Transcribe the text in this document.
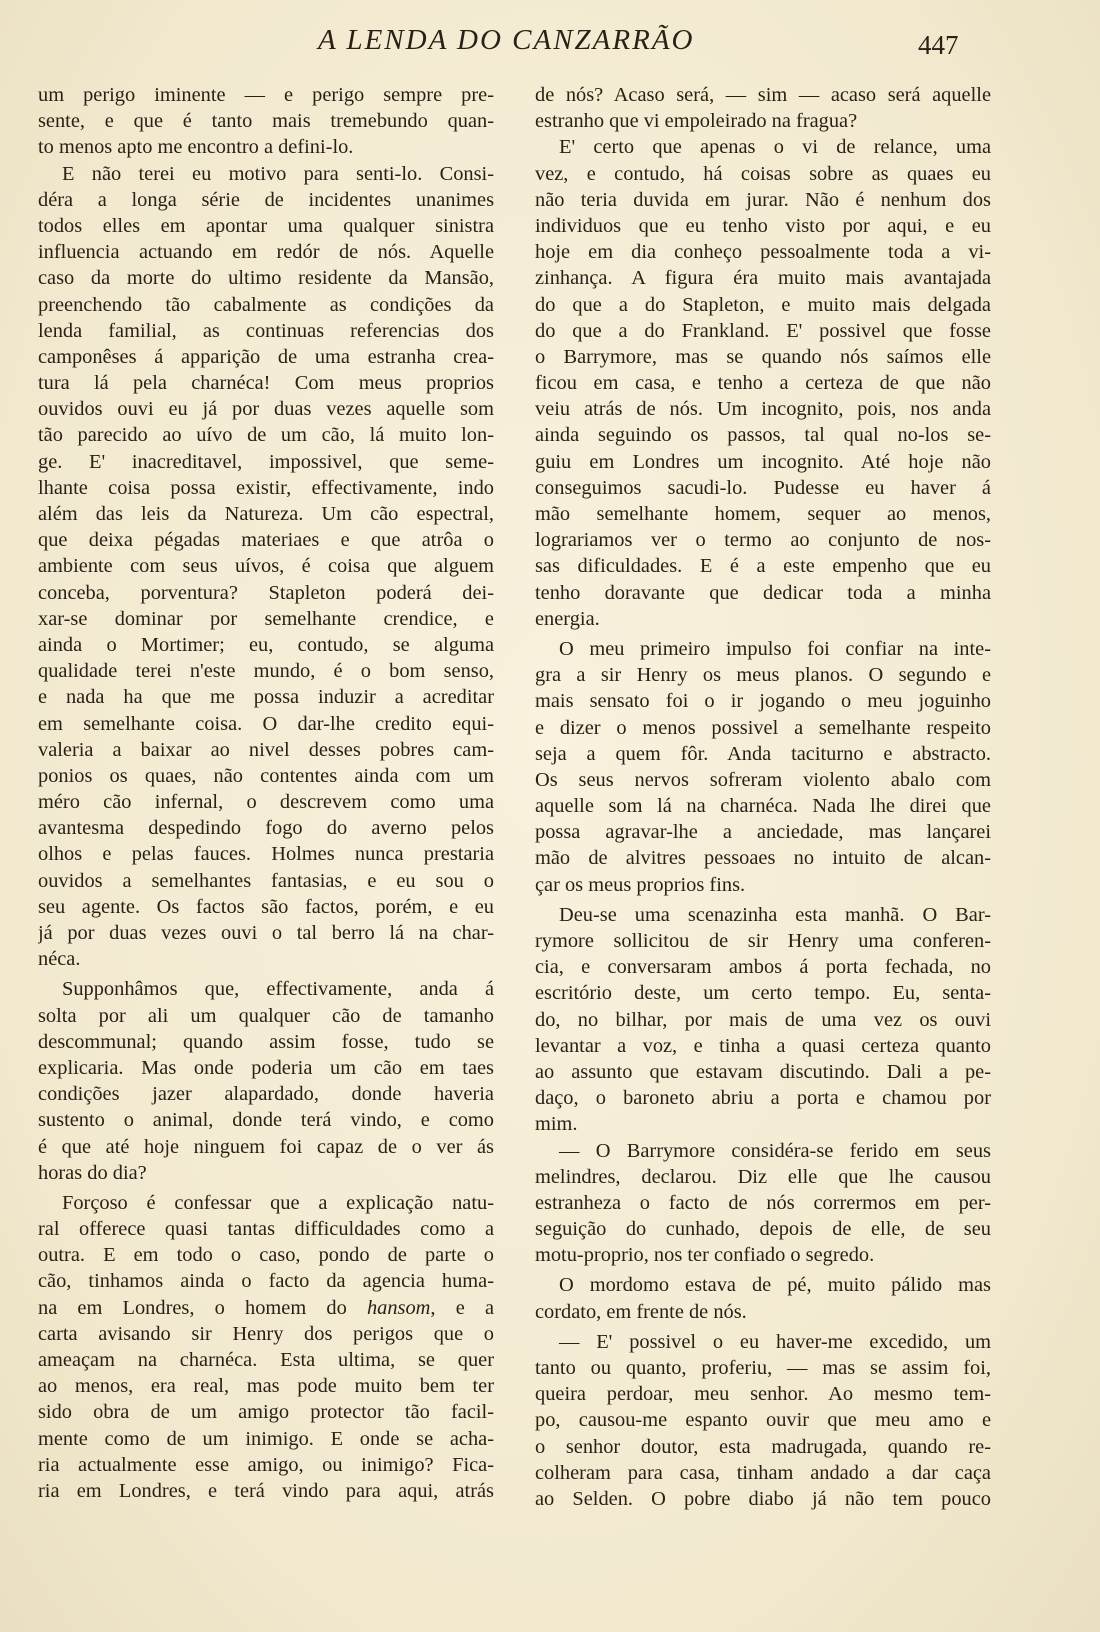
A LENDA DO CANZARRÃO	447
um perigo iminente — e perigo sempre pre-
sente, e que é tanto mais tremebundo quan-
to menos apto me encontro a defini-lo.
E não terei eu motivo para senti-lo. Consi-
déra a longa série de incidentes unanimes
todos elles em apontar uma qualquer sinistra
influencia actuando em redór de nós. Aquelle
caso da morte do ultimo residente da Mansão,
preenchendo tão cabalmente as condições da
lenda familial, as continuas referencias dos
camponêses á apparição de uma estranha crea-
tura lá pela charnéca! Com meus proprios
ouvidos ouvi eu já por duas vezes aquelle som
tão parecido ao uívo de um cão, lá muito lon-
ge. E' inacreditavel, impossivel, que seme-
lhante coisa possa existir, effectivamente, indo
além das leis da Natureza. Um cão espectral,
que deixa pégadas materiaes e que atrôa o
ambiente com seus uívos, é coisa que alguem
conceba, porventura? Stapleton poderá dei-
xar-se dominar por semelhante crendice, e
ainda o Mortimer; eu, contudo, se alguma
qualidade terei n'este mundo, é o bom senso,
e nada ha que me possa induzir a acreditar
em semelhante coisa. O dar-lhe credito equi-
valeria a baixar ao nivel desses pobres cam-
ponios os quaes, não contentes ainda com um
méro cão infernal, o descrevem como uma
avantesma despedindo fogo do averno pelos
olhos e pelas fauces. Holmes nunca prestaria
ouvidos a semelhantes fantasias, e eu sou o
seu agente. Os factos são factos, porém, e eu
já por duas vezes ouvi o tal berro lá na char-
néca.
Supponhâmos que, effectivamente, anda á
solta por ali um qualquer cão de tamanho
descommunal; quando assim fosse, tudo se
explicaria. Mas onde poderia um cão em taes
condições jazer alapardado, donde haveria
sustento o animal, donde terá vindo, e como
é que até hoje ninguem foi capaz de o ver ás
horas do dia?
Forçoso é confessar que a explicação natu-
ral offerece quasi tantas difficuldades como a
outra. E em todo o caso, pondo de parte o
cão, tinhamos ainda o facto da agencia huma-
na em Londres, o homem do hansom, e a
carta avisando sir Henry dos perigos que o
ameaçam na charnéca. Esta ultima, se quer
ao menos, era real, mas pode muito bem ter
sido obra de um amigo protector tão facil-
mente como de um inimigo. E onde se acha-
ria actualmente esse amigo, ou inimigo? Fica-
ria em Londres, e terá vindo para aqui, atrás
de nós? Acaso será, — sim — acaso será aquelle
estranho que vi empoleirado na fragua?
E' certo que apenas o vi de relance, uma
vez, e contudo, há coisas sobre as quaes eu
não teria duvida em jurar. Não é nenhum dos
individuos que eu tenho visto por aqui, e eu
hoje em dia conheço pessoalmente toda a vi-
zinhança. A figura éra muito mais avantajada
do que a do Stapleton, e muito mais delgada
do que a do Frankland. E' possivel que fosse
o Barrymore, mas se quando nós saímos elle
ficou em casa, e tenho a certeza de que não
veiu atrás de nós. Um incognito, pois, nos anda
ainda seguindo os passos, tal qual no-los se-
guiu em Londres um incognito. Até hoje não
conseguimos sacudi-lo. Pudesse eu haver á
mão semelhante homem, sequer ao menos,
lograriamos ver o termo ao conjunto de nos-
sas dificuldades. E é a este empenho que eu
tenho doravante que dedicar toda a minha
energia.
O meu primeiro impulso foi confiar na inte-
gra a sir Henry os meus planos. O segundo e
mais sensato foi o ir jogando o meu joguinho
e dizer o menos possivel a semelhante respeito
seja a quem fôr. Anda taciturno e abstracto.
Os seus nervos sofreram violento abalo com
aquelle som lá na charnéca. Nada lhe direi que
possa agravar-lhe a anciedade, mas lançarei
mão de alvitres pessoaes no intuito de alcan-
çar os meus proprios fins.
Deu-se uma scenazinha esta manhã. O Bar-
rymore sollicitou de sir Henry uma conferen-
cia, e conversaram ambos á porta fechada, no
escritório deste, um certo tempo. Eu, senta-
do, no bilhar, por mais de uma vez os ouvi
levantar a voz, e tinha a quasi certeza quanto
ao assunto que estavam discutindo. Dali a pe-
daço, o baroneto abriu a porta e chamou por
mim.
— O Barrymore considéra-se ferido em seus
melindres, declarou. Diz elle que lhe causou
estranheza o facto de nós corrermos em per-
seguição do cunhado, depois de elle, de seu
motu-proprio, nos ter confiado o segredo.
O mordomo estava de pé, muito pálido mas
cordato, em frente de nós.
— E' possivel o eu haver-me excedido, um
tanto ou quanto, proferiu, — mas se assim foi,
queira perdoar, meu senhor. Ao mesmo tem-
po, causou-me espanto ouvir que meu amo e
o senhor doutor, esta madrugada, quando re-
colheram para casa, tinham andado a dar caça
ao Selden. O pobre diabo já não tem pouco
